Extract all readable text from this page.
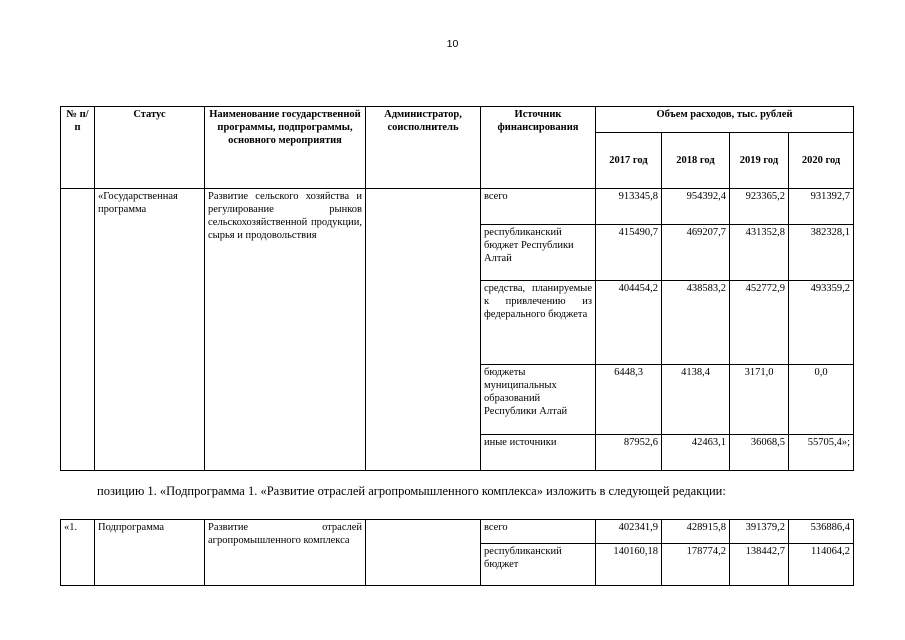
10
№ п/п	Статус	Наименование государственной программы, подпрограммы, основного мероприятия	Администратор, соисполнитель	Источник финансирования	Объем расходов, тыс. рублей			
					2017 год	2018 год	2019 год	2020 год
	«Государственная программа	Развитие сельского хозяйства и регулирование рынков сельскохозяйственной продукции, сырья и продовольствия		всего	913345,8	954392,4	923365,2	931392,7
				республиканский бюджет Республики Алтай	415490,7	469207,7	431352,8	382328,1
				средства, планируемые к привлечению из федерального бюджета	404454,2	438583,2	452772,9	493359,2
				бюджеты муниципальных образований Республики Алтай	6448,3	4138,4	3171,0	0,0
				иные источники	87952,6	42463,1	36068,5	55705,4»;
позицию 1. «Подпрограмма 1. «Развитие отраслей агропромышленного комплекса» изложить в следующей редакции:
«1.	Подпрограмма	Развитие отраслей агропромышленного комплекса		всего	402341,9	428915,8	391379,2	536886,4
				республиканский бюджет	140160,18	178774,2	138442,7	114064,2
